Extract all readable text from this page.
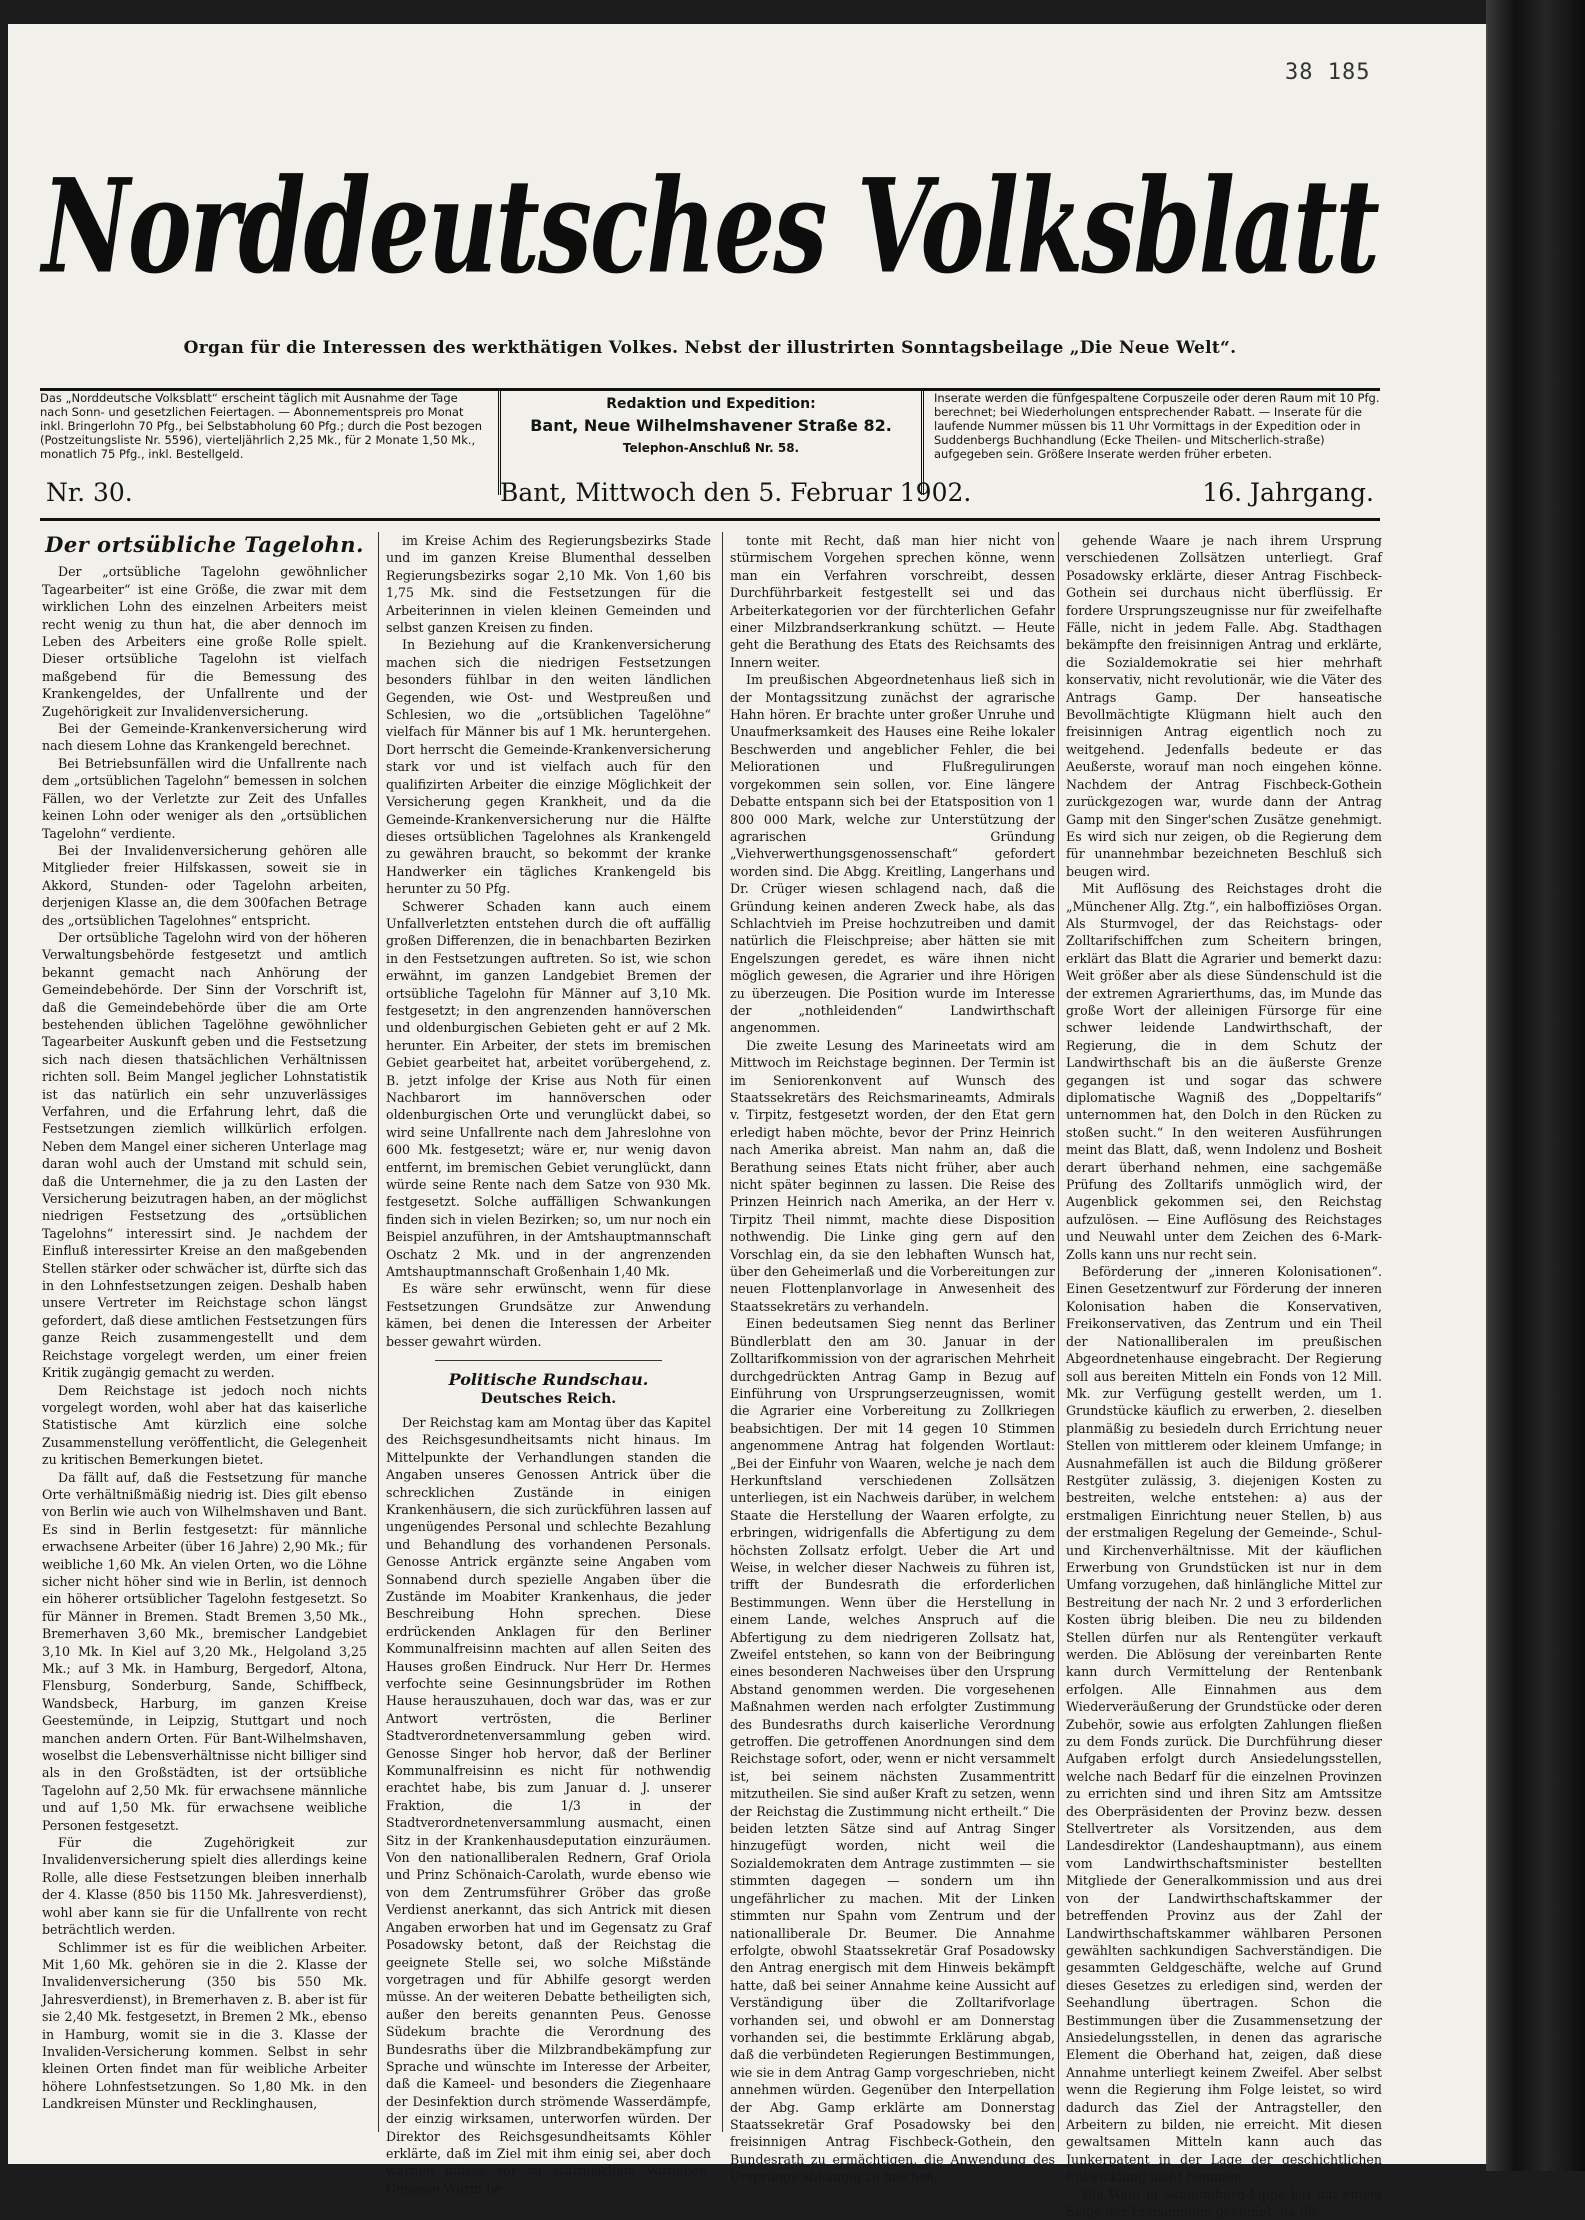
38 185
Norddeutsches Volksblatt
Organ für die Interessen des werkthätigen Volkes. Nebst der illustrirten Sonntagsbeilage „Die Neue Welt“.
Das „Norddeutsche Volksblatt“ erscheint täglich mit Ausnahme der Tage nach Sonn- und gesetzlichen Feiertagen. — Abonnementspreis pro Monat inkl. Bringerlohn 70 Pfg., bei Selbstabholung 60 Pfg.; durch die Post bezogen (Postzeitungsliste Nr. 5596), vierteljährlich 2,25 Mk., für 2 Monate 1,50 Mk., monatlich 75 Pfg., inkl. Bestellgeld.
Redaktion und Expedition:
Bant, Neue Wilhelmshavener Straße 82.
Telephon-Anschluß Nr. 58.
Inserate werden die fünfgespaltene Corpuszeile oder deren Raum mit 10 Pfg. berechnet; bei Wiederholungen entsprechender Rabatt. — Inserate für die laufende Nummer müssen bis 11 Uhr Vormittags in der Expedition oder in Suddenbergs Buchhandlung (Ecke Theilen- und Mitscherlich-straße) aufgegeben sein. Größere Inserate werden früher erbeten.
Nr. 30.	Bant, Mittwoch den 5. Februar 1902.	16. Jahrgang.
Der ortsübliche Tagelohn.

Der „ortsübliche Tagelohn gewöhnlicher Tagearbeiter“ ist eine Größe, die zwar mit dem wirklichen Lohn des einzelnen Arbeiters meist recht wenig zu thun hat, die aber dennoch im Leben des Arbeiters eine große Rolle spielt. Dieser ortsübliche Tagelohn ist vielfach maßgebend für die Bemessung des Krankengeldes, der Unfallrente und der Zugehörigkeit zur Invalidenversicherung.

Bei der Gemeinde-Krankenversicherung wird nach diesem Lohne das Krankengeld berechnet.

Bei Betriebsunfällen wird die Unfallrente nach dem „ortsüblichen Tagelohn“ bemessen in solchen Fällen, wo der Verletzte zur Zeit des Unfalles keinen Lohn oder weniger als den „ortsüblichen Tagelohn“ verdiente.

Bei der Invalidenversicherung gehören alle Mitglieder freier Hilfskassen, soweit sie in Akkord, Stunden- oder Tagelohn arbeiten, derjenigen Klasse an, die dem 300fachen Betrage des „ortsüblichen Tagelohnes“ entspricht.

Der ortsübliche Tagelohn wird von der höheren Verwaltungsbehörde festgesetzt und amtlich bekannt gemacht nach Anhörung der Gemeindebehörde. Der Sinn der Vorschrift ist, daß die Gemeindebehörde über die am Orte bestehenden üblichen Tagelöhne gewöhnlicher Tagearbeiter Auskunft geben und die Festsetzung sich nach diesen thatsächlichen Verhältnissen richten soll. Beim Mangel jeglicher Lohnstatistik ist das natürlich ein sehr unzuverlässiges Verfahren, und die Erfahrung lehrt, daß die Festsetzungen ziemlich willkürlich erfolgen. Neben dem Mangel einer sicheren Unterlage mag daran wohl auch der Umstand mit schuld sein, daß die Unternehmer, die ja zu den Lasten der Versicherung beizutragen haben, an der möglichst niedrigen Festsetzung des „ortsüblichen Tagelohns“ interessirt sind. Je nachdem der Einfluß interessirter Kreise an den maßgebenden Stellen stärker oder schwächer ist, dürfte sich das in den Lohnfestsetzungen zeigen. Deshalb haben unsere Vertreter im Reichstage schon längst gefordert, daß diese amtlichen Festsetzungen fürs ganze Reich zusammengestellt und dem Reichstage vorgelegt werden, um einer freien Kritik zugängig gemacht zu werden.

Dem Reichstage ist jedoch noch nichts vorgelegt worden, wohl aber hat das kaiserliche Statistische Amt kürzlich eine solche Zusammenstellung veröffentlicht, die Gelegenheit zu kritischen Bemerkungen bietet.

Da fällt auf, daß die Festsetzung für manche Orte verhältnißmäßig niedrig ist. Dies gilt ebenso von Berlin wie auch von Wilhelmshaven und Bant. Es sind in Berlin festgesetzt: für männliche erwachsene Arbeiter (über 16 Jahre) 2,90 Mk.; für weibliche 1,60 Mk. An vielen Orten, wo die Löhne sicher nicht höher sind wie in Berlin, ist dennoch ein höherer ortsüblicher Tagelohn festgesetzt. So für Männer in Bremen. Stadt Bremen 3,50 Mk., Bremerhaven 3,60 Mk., bremischer Landgebiet 3,10 Mk. In Kiel auf 3,20 Mk., Helgoland 3,25 Mk.; auf 3 Mk. in Hamburg, Bergedorf, Altona, Flensburg, Sonderburg, Sande, Schiffbeck, Wandsbeck, Harburg, im ganzen Kreise Geestemünde, in Leipzig, Stuttgart und noch manchen andern Orten. Für Bant-Wilhelmshaven, woselbst die Lebensverhältnisse nicht billiger sind als in den Großstädten, ist der ortsübliche Tagelohn auf 2,50 Mk. für erwachsene männliche und auf 1,50 Mk. für erwachsene weibliche Personen festgesetzt.

Für die Zugehörigkeit zur Invalidenversicherung spielt dies allerdings keine Rolle, alle diese Festsetzungen bleiben innerhalb der 4. Klasse (850 bis 1150 Mk. Jahresverdienst), wohl aber kann sie für die Unfallrente von recht beträchtlich werden.

Schlimmer ist es für die weiblichen Arbeiter. Mit 1,60 Mk. gehören sie in die 2. Klasse der Invalidenversicherung (350 bis 550 Mk. Jahresverdienst), in Bremerhaven z. B. aber ist für sie 2,40 Mk. festgesetzt, in Bremen 2 Mk., ebenso in Hamburg, womit sie in die 3. Klasse der Invaliden-Versicherung kommen. Selbst in sehr kleinen Orten findet man für weibliche Arbeiter höhere Lohnfestsetzungen. So 1,80 Mk. in den Landkreisen Münster und Recklinghausen,

im Kreise Achim des Regierungsbezirks Stade und im ganzen Kreise Blumenthal desselben Regierungsbezirks sogar 2,10 Mk. Von 1,60 bis 1,75 Mk. sind die Festsetzungen für die Arbeiterinnen in vielen kleinen Gemeinden und selbst ganzen Kreisen zu finden.

In Beziehung auf die Krankenversicherung machen sich die niedrigen Festsetzungen besonders fühlbar in den weiten ländlichen Gegenden, wie Ost- und Westpreußen und Schlesien, wo die „ortsüblichen Tagelöhne“ vielfach für Männer bis auf 1 Mk. heruntergehen. Dort herrscht die Gemeinde-Krankenversicherung stark vor und ist vielfach auch für den qualifizirten Arbeiter die einzige Möglichkeit der Versicherung gegen Krankheit, und da die Gemeinde-Krankenversicherung nur die Hälfte dieses ortsüblichen Tagelohnes als Krankengeld zu gewähren braucht, so bekommt der kranke Handwerker ein tägliches Krankengeld bis herunter zu 50 Pfg.

Schwerer Schaden kann auch einem Unfallverletzten entstehen durch die oft auffällig großen Differenzen, die in benachbarten Bezirken in den Festsetzungen auftreten. So ist, wie schon erwähnt, im ganzen Landgebiet Bremen der ortsübliche Tagelohn für Männer auf 3,10 Mk. festgesetzt; in den angrenzenden hannöverschen und oldenburgischen Gebieten geht er auf 2 Mk. herunter. Ein Arbeiter, der stets im bremischen Gebiet gearbeitet hat, arbeitet vorübergehend, z. B. jetzt infolge der Krise aus Noth für einen Nachbarort im hannöverschen oder oldenburgischen Orte und verunglückt dabei, so wird seine Unfallrente nach dem Jahreslohne von 600 Mk. festgesetzt; wäre er, nur wenig davon entfernt, im bremischen Gebiet verunglückt, dann würde seine Rente nach dem Satze von 930 Mk. festgesetzt. Solche auffälligen Schwankungen finden sich in vielen Bezirken; so, um nur noch ein Beispiel anzuführen, in der Amtshauptmannschaft Oschatz 2 Mk. und in der angrenzenden Amtshauptmannschaft Großenhain 1,40 Mk.

Es wäre sehr erwünscht, wenn für diese Festsetzungen Grundsätze zur Anwendung kämen, bei denen die Interessen der Arbeiter besser gewahrt würden.

Politische Rundschau.
Deutsches Reich.

Der Reichstag kam am Montag über das Kapitel des Reichsgesundheitsamts nicht hinaus. Im Mittelpunkte der Verhandlungen standen die Angaben unseres Genossen Antrick über die schrecklichen Zustände in einigen Krankenhäusern, die sich zurückführen lassen auf ungenügendes Personal und schlechte Bezahlung und Behandlung des vorhandenen Personals. Genosse Antrick ergänzte seine Angaben vom Sonnabend durch spezielle Angaben über die Zustände im Moabiter Krankenhaus, die jeder Beschreibung Hohn sprechen. Diese erdrückenden Anklagen für den Berliner Kommunalfreisinn machten auf allen Seiten des Hauses großen Eindruck. Nur Herr Dr. Hermes verfochte seine Gesinnungsbrüder im Rothen Hause herauszuhauen, doch war das, was er zur Antwort vertrösten, die Berliner Stadtverordnetenversammlung geben wird. Genosse Singer hob hervor, daß der Berliner Kommunalfreisinn es nicht für nothwendig erachtet habe, bis zum Januar d. J. unserer Fraktion, die 1/3 in der Stadtverordnetenversammlung ausmacht, einen Sitz in der Krankenhausdeputation einzuräumen. Von den nationalliberalen Rednern, Graf Oriola und Prinz Schönaich-Carolath, wurde ebenso wie von dem Zentrumsführer Gröber das große Verdienst anerkannt, das sich Antrick mit diesen Angaben erworben hat und im Gegensatz zu Graf Posadowsky betont, daß der Reichstag die geeignete Stelle sei, wo solche Mißstände vorgetragen und für Abhilfe gesorgt werden müsse. An der weiteren Debatte betheiligten sich, außer den bereits genannten Peus. Genosse Südekum brachte die Verordnung des Bundesraths über die Milzbrandbekämpfung zur Sprache und wünschte im Interesse der Arbeiter, daß die Kameel- und besonders die Ziegenhaare der Desinfektion durch strömende Wasserdämpfe, der einzig wirksamen, unterworfen würden. Der Direktor des Reichsgesundheitsamts Köhler erklärte, daß im Ziel mit ihm einig sei, aber doch warnen müsse vor zu stürmischem Vorgehen. Genosse Wurm be-

tonte mit Recht, daß man hier nicht von stürmischem Vorgehen sprechen könne, wenn man ein Verfahren vorschreibt, dessen Durchführbarkeit festgestellt sei und das Arbeiterkategorien vor der fürchterlichen Gefahr einer Milzbrandserkrankung schützt. — Heute geht die Berathung des Etats des Reichsamts des Innern weiter.

Im preußischen Abgeordnetenhaus ließ sich in der Montagssitzung zunächst der agrarische Hahn hören. Er brachte unter großer Unruhe und Unaufmerksamkeit des Hauses eine Reihe lokaler Beschwerden und angeblicher Fehler, die bei Meliorationen und Flußregulirungen vorgekommen sein sollen, vor. Eine längere Debatte entspann sich bei der Etatsposition von 1 800 000 Mark, welche zur Unterstützung der agrarischen Gründung „Viehverwerthungsgenossenschaft“ gefordert worden sind. Die Abgg. Kreitling, Langerhans und Dr. Crüger wiesen schlagend nach, daß die Gründung keinen anderen Zweck habe, als das Schlachtvieh im Preise hochzutreiben und damit natürlich die Fleischpreise; aber hätten sie mit Engelszungen geredet, es wäre ihnen nicht möglich gewesen, die Agrarier und ihre Hörigen zu überzeugen. Die Position wurde im Interesse der „nothleidenden“ Landwirthschaft angenommen.

Die zweite Lesung des Marineetats wird am Mittwoch im Reichstage beginnen. Der Termin ist im Seniorenkonvent auf Wunsch des Staatssekretärs des Reichsmarineamts, Admirals v. Tirpitz, festgesetzt worden, der den Etat gern erledigt haben möchte, bevor der Prinz Heinrich nach Amerika abreist. Man nahm an, daß die Berathung seines Etats nicht früher, aber auch nicht später beginnen zu lassen. Die Reise des Prinzen Heinrich nach Amerika, an der Herr v. Tirpitz Theil nimmt, machte diese Disposition nothwendig. Die Linke ging gern auf den Vorschlag ein, da sie den lebhaften Wunsch hat, über den Geheimerlaß und die Vorbereitungen zur neuen Flottenplanvorlage in Anwesenheit des Staatssekretärs zu verhandeln.

Einen bedeutsamen Sieg nennt das Berliner Bündlerblatt den am 30. Januar in der Zolltarifkommission von der agrarischen Mehrheit durchgedrückten Antrag Gamp in Bezug auf Einführung von Ursprungserzeugnissen, womit die Agrarier eine Vorbereitung zu Zollkriegen beabsichtigen. Der mit 14 gegen 10 Stimmen angenommene Antrag hat folgenden Wortlaut: „Bei der Einfuhr von Waaren, welche je nach dem Herkunftsland verschiedenen Zollsätzen unterliegen, ist ein Nachweis darüber, in welchem Staate die Herstellung der Waaren erfolgte, zu erbringen, widrigenfalls die Abfertigung zu dem höchsten Zollsatz erfolgt. Ueber die Art und Weise, in welcher dieser Nachweis zu führen ist, trifft der Bundesrath die erforderlichen Bestimmungen. Wenn über die Herstellung in einem Lande, welches Anspruch auf die Abfertigung zu dem niedrigeren Zollsatz hat, Zweifel entstehen, so kann von der Beibringung eines besonderen Nachweises über den Ursprung Abstand genommen werden. Die vorgesehenen Maßnahmen werden nach erfolgter Zustimmung des Bundesraths durch kaiserliche Verordnung getroffen. Die getroffenen Anordnungen sind dem Reichstage sofort, oder, wenn er nicht versammelt ist, bei seinem nächsten Zusammentritt mitzutheilen. Sie sind außer Kraft zu setzen, wenn der Reichstag die Zustimmung nicht ertheilt.“ Die beiden letzten Sätze sind auf Antrag Singer hinzugefügt worden, nicht weil die Sozialdemokraten dem Antrage zustimmten — sie stimmten dagegen — sondern um ihn ungefährlicher zu machen. Mit der Linken stimmten nur Spahn vom Zentrum und der nationalliberale Dr. Beumer. Die Annahme erfolgte, obwohl Staatssekretär Graf Posadowsky den Antrag energisch mit dem Hinweis bekämpft hatte, daß bei seiner Annahme keine Aussicht auf Verständigung über die Zolltarifvorlage vorhanden sei, und obwohl er am Donnerstag vorhanden sei, die bestimmte Erklärung abgab, daß die verbündeten Regierungen Bestimmungen, wie sie in dem Antrag Gamp vorgeschrieben, nicht annehmen würden. Gegenüber den Interpellation der Abg. Gamp erklärte am Donnerstag Staatssekretär Graf Posadowsky bei den freisinnigen Antrag Fischbeck-Gothein, den Bundesrath zu ermächtigen, die Anwendung des Ursprungs abhängig zu machen,

gehende Waare je nach ihrem Ursprung verschiedenen Zollsätzen unterliegt. Graf Posadowsky erklärte, dieser Antrag Fischbeck-Gothein sei durchaus nicht überflüssig. Er fordere Ursprungszeugnisse nur für zweifelhafte Fälle, nicht in jedem Falle. Abg. Stadthagen bekämpfte den freisinnigen Antrag und erklärte, die Sozialdemokratie sei hier mehrhaft konservativ, nicht revolutionär, wie die Väter des Antrags Gamp. Der hanseatische Bevollmächtigte Klügmann hielt auch den freisinnigen Antrag eigentlich noch zu weitgehend. Jedenfalls bedeute er das Aeußerste, worauf man noch eingehen könne. Nachdem der Antrag Fischbeck-Gothein zurückgezogen war, wurde dann der Antrag Gamp mit den Singer'schen Zusätze genehmigt. Es wird sich nur zeigen, ob die Regierung dem für unannehmbar bezeichneten Beschluß sich beugen wird.

Mit Auflösung des Reichstages droht die „Münchener Allg. Ztg.“, ein halboffiziöses Organ. Als Sturmvogel, der das Reichstags- oder Zolltarifschiffchen zum Scheitern bringen, erklärt das Blatt die Agrarier und bemerkt dazu: Weit größer aber als diese Sündenschuld ist die der extremen Agrarierthums, das, im Munde das große Wort der alleinigen Fürsorge für eine schwer leidende Landwirthschaft, der Regierung, die in dem Schutz der Landwirthschaft bis an die äußerste Grenze gegangen ist und sogar das schwere diplomatische Wagniß des „Doppeltarifs“ unternommen hat, den Dolch in den Rücken zu stoßen sucht.“ In den weiteren Ausführungen meint das Blatt, daß, wenn Indolenz und Bosheit derart überhand nehmen, eine sachgemäße Prüfung des Zolltarifs unmöglich wird, der Augenblick gekommen sei, den Reichstag aufzulösen. — Eine Auflösung des Reichstages und Neuwahl unter dem Zeichen des 6-Mark-Zolls kann uns nur recht sein.

Beförderung der „inneren Kolonisationen“. Einen Gesetzentwurf zur Förderung der inneren Kolonisation haben die Konservativen, Freikonservativen, das Zentrum und ein Theil der Nationalliberalen im preußischen Abgeordnetenhause eingebracht. Der Regierung soll aus bereiten Mitteln ein Fonds von 12 Mill. Mk. zur Verfügung gestellt werden, um 1. Grundstücke käuflich zu erwerben, 2. dieselben planmäßig zu besiedeln durch Errichtung neuer Stellen von mittlerem oder kleinem Umfange; in Ausnahmefällen ist auch die Bildung größerer Restgüter zulässig, 3. diejenigen Kosten zu bestreiten, welche entstehen: a) aus der erstmaligen Einrichtung neuer Stellen, b) aus der erstmaligen Regelung der Gemeinde-, Schul- und Kirchenverhältnisse. Mit der käuflichen Erwerbung von Grundstücken ist nur in dem Umfang vorzugehen, daß hinlängliche Mittel zur Bestreitung der nach Nr. 2 und 3 erforderlichen Kosten übrig bleiben. Die neu zu bildenden Stellen dürfen nur als Rentengüter verkauft werden. Die Ablösung der vereinbarten Rente kann durch Vermittelung der Rentenbank erfolgen. Alle Einnahmen aus dem Wiederveräußerung der Grundstücke oder deren Zubehör, sowie aus erfolgten Zahlungen fließen zu dem Fonds zurück. Die Durchführung dieser Aufgaben erfolgt durch Ansiedelungsstellen, welche nach Bedarf für die einzelnen Provinzen zu errichten sind und ihren Sitz am Amtssitze des Oberpräsidenten der Provinz bezw. dessen Stellvertreter als Vorsitzenden, aus dem Landesdirektor (Landeshauptmann), aus einem vom Landwirthschaftsminister bestellten Mitgliede der Generalkommission und aus drei von der Landwirthschaftskammer der betreffenden Provinz aus der Zahl der Landwirthschaftskammer wählbaren Personen gewählten sachkundigen Sachverständigen. Die gesammten Geldgeschäfte, welche auf Grund dieses Gesetzes zu erledigen sind, werden der Seehandlung übertragen. Schon die Bestimmungen über die Zusammensetzung der Ansiedelungsstellen, in denen das agrarische Element die Oberhand hat, zeigen, daß diese Annahme unterliegt keinem Zweifel. Aber selbst wenn die Regierung ihm Folge leistet, so wird dadurch das Ziel der Antragsteller, den Arbeitern zu bilden, nie erreicht. Mit diesen gewaltsamen Mitteln kann auch das Junkerpatent in der Lage der geschichtlichen Entwicklung nicht hemmen.

Die Wahl in Schaumburg-Lippe hat mit einem Siege der Freisinnigen geendigt, da die
